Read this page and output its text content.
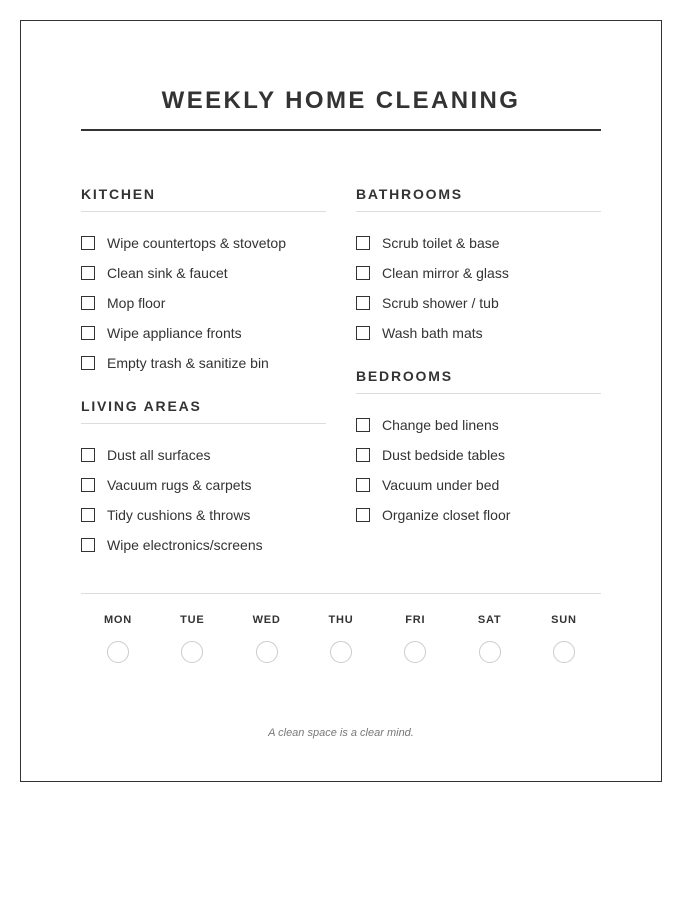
WEEKLY HOME CLEANING
KITCHEN
Wipe countertops & stovetop
Clean sink & faucet
Mop floor
Wipe appliance fronts
Empty trash & sanitize bin
LIVING AREAS
Dust all surfaces
Vacuum rugs & carpets
Tidy cushions & throws
Wipe electronics/screens
BATHROOMS
Scrub toilet & base
Clean mirror & glass
Scrub shower / tub
Wash bath mats
BEDROOMS
Change bed linens
Dust bedside tables
Vacuum under bed
Organize closet floor
MON	TUE	WED	THU	FRI	SAT	SUN
A clean space is a clear mind.
